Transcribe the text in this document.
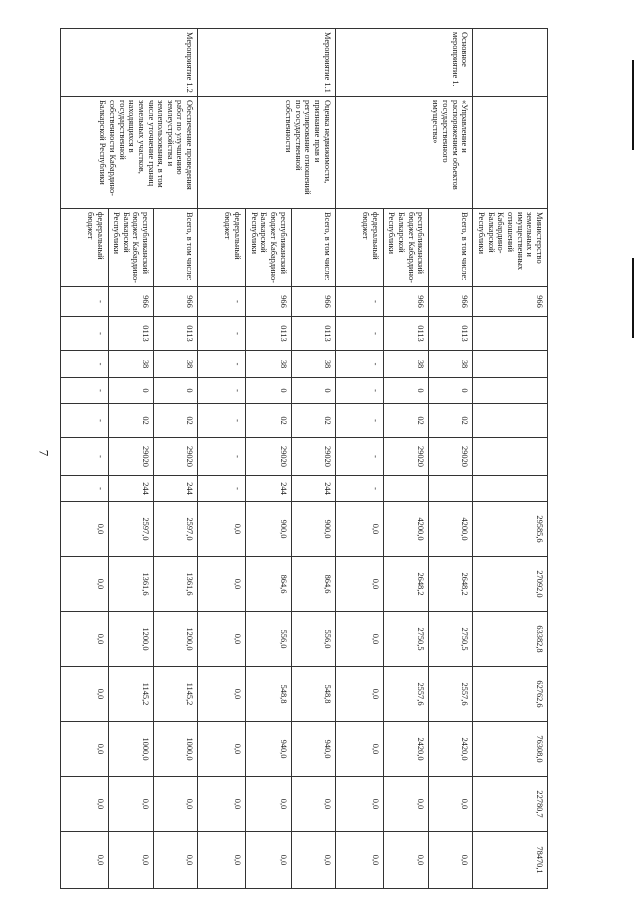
7
		Министерство земельных и имущественных отношений Кабардино-Балкарской Республики	966							29585,6	27092,0	63382,8	62762,6	76308,0	22780,7	78470,1
Основное мероприятие 1.	«Управление и распоряжением объектов государственного имущества»	Всего, в том числе:	966	0113	38	0	02	29020		4200,0	2648,2	2750,5	2557,6	2420,0	0,0	0,0
		республиканский бюджет Кабардино-Балкарской Республики	966	0113	38	0	02	29020		4200,0	2648,2	2750,5	2557,6	2420,0	0,0	0,0
		федеральный бюджет	-	-	-	-	-	-	-	0,0	0,0	0,0	0,0	0,0	0,0	0,0
Мероприятие 1.1	Оценка недвижимости, признание прав и регулирование отношений по государственной собственности	Всего, в том числе:	966	0113	38	0	02	29020	244	900,0	864,6	556,0	548,8	940,0	0,0	0,0
		республиканский бюджет Кабардино-Балкарской Республики	966	0113	38	0	02	29020	244	900,0	864,6	556,0	548,8	940,0	0,0	0,0
		федеральный бюджет	-	-	-	-	-	-	-	0,0	0,0	0,0	0,0	0,0	0,0	0,0
Мероприятие 1.2	Обеспечение проведения работ по улучшению землеустройства и землепользования, в том числе уточнение границ земельных участков, находящихся в государственной собственности Кабардино-Балкарской Республики	Всего, в том числе:	966	0113	38	0	02	29020	244	2597,0	1361,6	1200,0	1145,2	1000,0	0,0	0,0
		республиканский бюджет Кабардино-Балкарской Республики	966	0113	38	0	02	29020	244	2597,0	1361,6	1200,0	1145,2	1000,0	0,0	0,0
		федеральный бюджет	-	-	-	-	-	-	-	0,0	0,0	0,0	0,0	0,0	0,0	0,0
